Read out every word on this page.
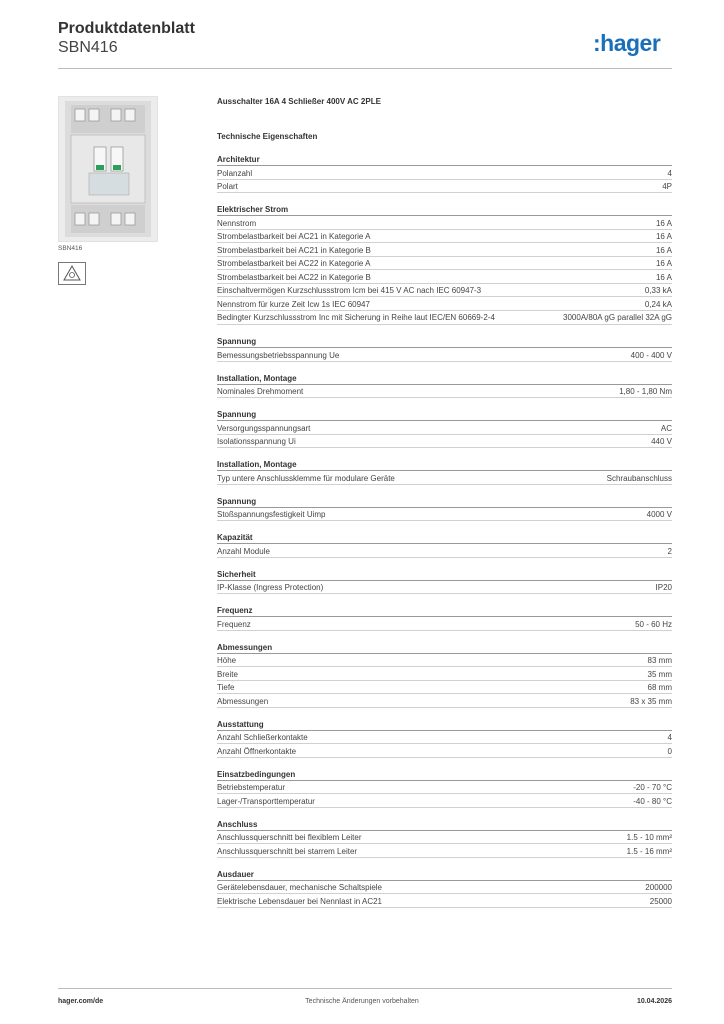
Produktdatenblatt
SBN416	:hager
SBN416
Ausschalter 16A 4 Schließer 400V AC 2PLE
Technische Eigenschaften
Architektur
Polanzahl	4
Polart	4P
Elektrischer Strom
Nennstrom	16 A
Strombelastbarkeit bei AC21 in Kategorie A	16 A
Strombelastbarkeit bei AC21 in Kategorie B	16 A
Strombelastbarkeit bei AC22 in Kategorie A	16 A
Strombelastbarkeit bei AC22 in Kategorie B	16 A
Einschaltvermögen Kurzschlussstrom Icm bei 415 V AC nach IEC 60947-3	0,33 kA
Nennstrom für kurze Zeit Icw 1s IEC 60947	0,24 kA
Bedingter Kurzschlussstrom Inc mit Sicherung in Reihe laut IEC/EN 60669-2-4	3000A/80A gG parallel 32A gG
Spannung
Bemessungsbetriebsspannung Ue	400 - 400 V
Installation, Montage
Nominales Drehmoment	1,80 - 1,80 Nm
Spannung
Versorgungsspannungsart	AC
Isolationsspannung Ui	440 V
Installation, Montage
Typ untere Anschlussklemme für modulare Geräte	Schraubanschluss
Spannung
Stoßspannungsfestigkeit Uimp	4000 V
Kapazität
Anzahl Module	2
Sicherheit
IP-Klasse (Ingress Protection)	IP20
Frequenz
Frequenz	50 - 60 Hz
Abmessungen
Höhe	83 mm
Breite	35 mm
Tiefe	68 mm
Abmessungen	83 x 35 mm
Ausstattung
Anzahl Schließerkontakte	4
Anzahl Öffnerkontakte	0
Einsatzbedingungen
Betriebstemperatur	-20 - 70 °C
Lager-/Transporttemperatur	-40 - 80 °C
Anschluss
Anschlussquerschnitt bei flexiblem Leiter	1.5 - 10 mm²
Anschlussquerschnitt bei starrem Leiter	1.5 - 16 mm²
Ausdauer
Gerätelebensdauer, mechanische Schaltspiele	200000
Elektrische Lebensdauer bei Nennlast in AC21	25000
hager.com/de	Technische Änderungen vorbehalten	10.04.2026
